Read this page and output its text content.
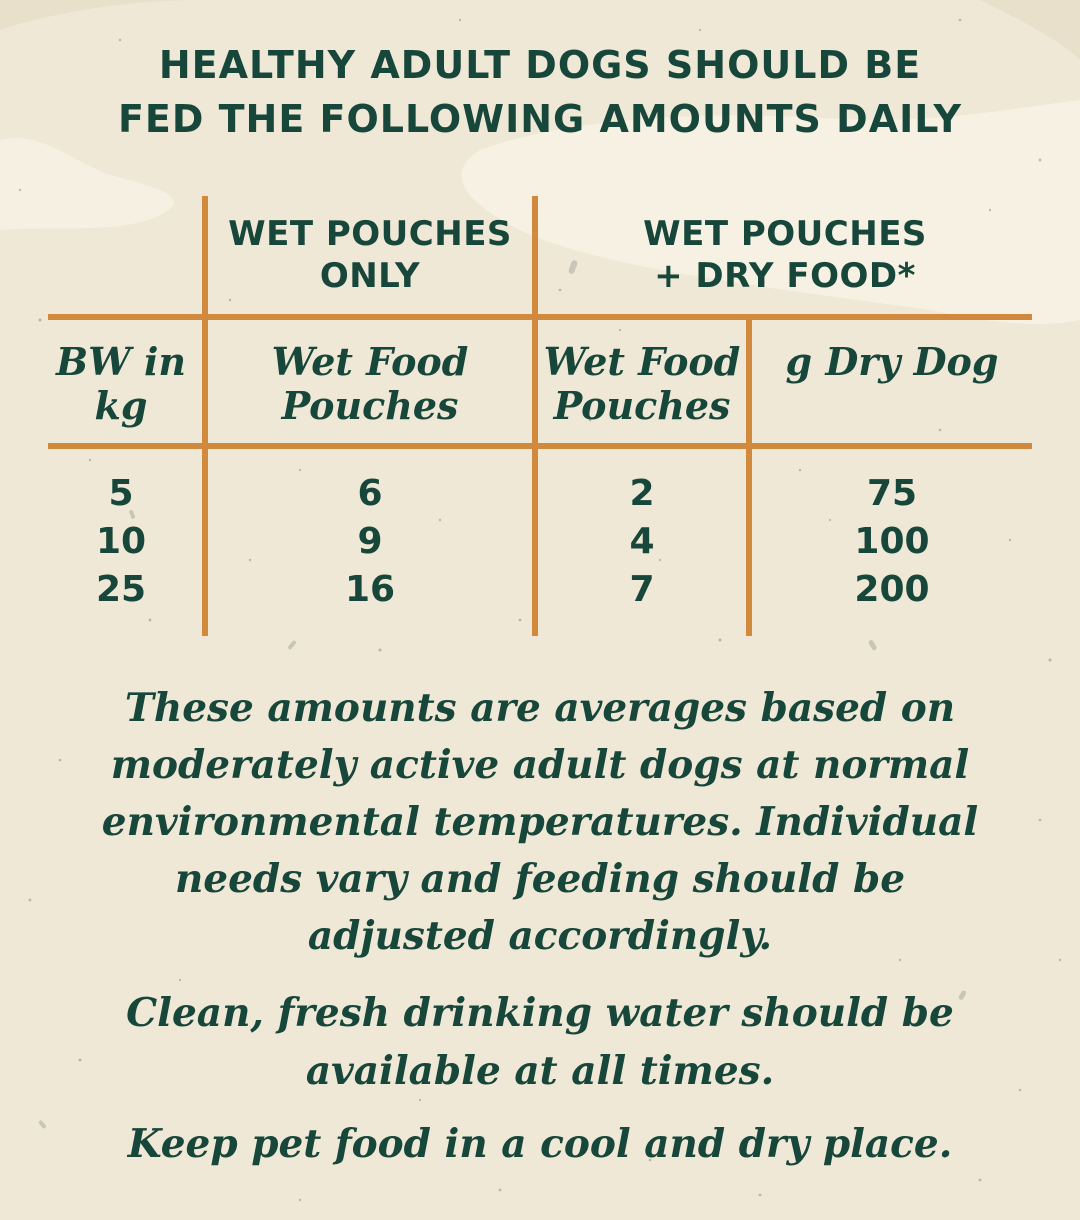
HEALTHY ADULT DOGS SHOULD BE
FED THE FOLLOWING AMOUNTS DAILY
WET POUCHES
ONLY
WET POUCHES
+ DRY FOOD*
BW in
kg
Wet Food
Pouches
Wet Food
Pouches
g Dry Dog
5
10
25
6
9
16
2
4
7
75
100
200

These amounts are averages based on
moderately active adult dogs at normal
environmental temperatures. Individual
needs vary and feeding should be
adjusted accordingly.

Clean, fresh drinking water should be
available at all times.

Keep pet food in a cool and dry place.
